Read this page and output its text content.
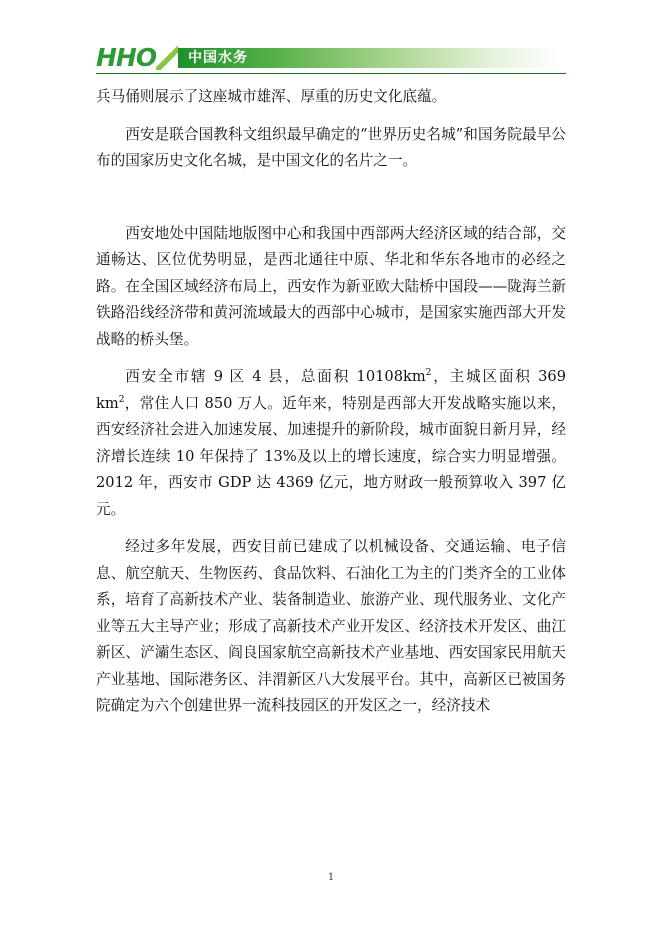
HHO 中国水务

兵马俑则展示了这座城市雄浑、厚重的历史文化底蕴。

西安是联合国教科文组织最早确定的“世界历史名城”和国务院最早公布的国家历史文化名城，是中国文化的名片之一。

西安地处中国陆地版图中心和我国中西部两大经济区域的结合部，交通畅达、区位优势明显，是西北通往中原、华北和华东各地市的必经之路。在全国区域经济布局上，西安作为新亚欧大陆桥中国段——陇海兰新铁路沿线经济带和黄河流域最大的西部中心城市，是国家实施西部大开发战略的桥头堡。

西安全市辖 9 区 4 县，总面积 $10108km^2$，主城区面积 369 $km^2$，常住人口 850 万人。近年来，特别是西部大开发战略实施以来，西安经济社会进入加速发展、加速提升的新阶段，城市面貌日新月异，经济增长连续 10 年保持了 13%及以上的增长速度，综合实力明显增强。2012 年，西安市 GDP 达 4369 亿元，地方财政一般预算收入 397 亿元。

经过多年发展，西安目前已建成了以机械设备、交通运输、电子信息、航空航天、生物医药、食品饮料、石油化工为主的门类齐全的工业体系，培育了高新技术产业、装备制造业、旅游产业、现代服务业、文化产业等五大主导产业；形成了高新技术产业开发区、经济技术开发区、曲江新区、浐灞生态区、阎良国家航空高新技术产业基地、西安国家民用航天产业基地、国际港务区、沣渭新区八大发展平台。其中，高新区已被国务院确定为六个创建世界一流科技园区的开发区之一，经济技术

1
